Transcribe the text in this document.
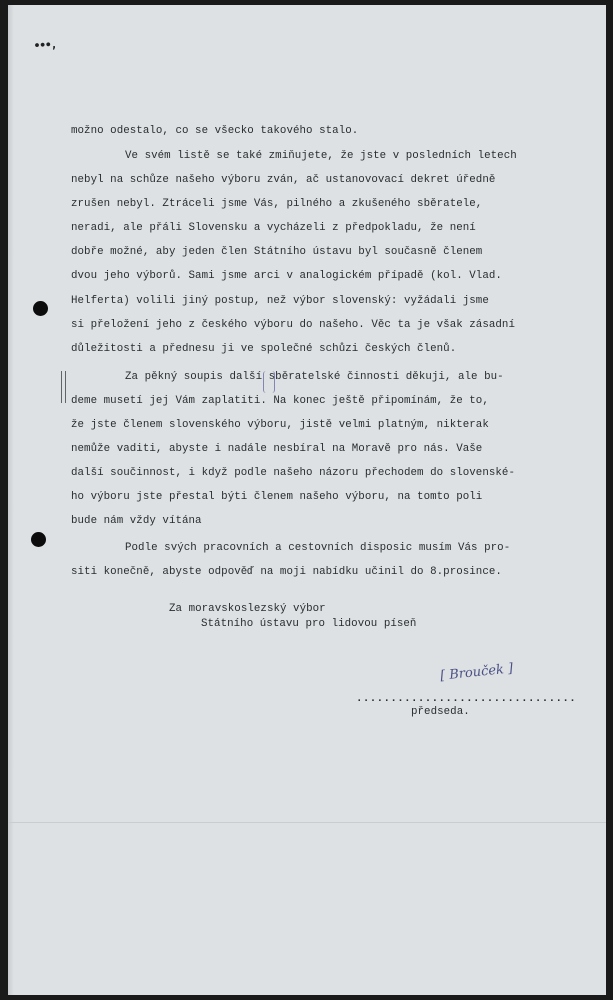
•••,
možno odestalo, co se všecko takového stalo.
Ve svém listě se také zmiňujete, že jste v posledních letech
nebyl na schůze našeho výboru zván, ač ustanovovací dekret úředně
zrušen nebyl. Ztráceli jsme Vás, pilného a zkušeného sběratele,
neradi, ale přáli Slovensku a vycházeli z předpokladu, že není
dobře možné, aby jeden člen Státního ústavu byl současně členem
dvou jeho výborů. Sami jsme arci v analogickém případě (kol. Vlad.
Helferta) volili jiný postup, než výbor slovenský: vyžádali jsme
si přeložení jeho z českého výboru do našeho. Věc ta je však zásadní
důležitosti a přednesu ji ve společné schůzi českých členů.
Za pěkný soupis další sběratelské činnosti děkuji, ale bu-
deme musetí jej Vám zaplatiti. Na konec ještě připomínám, že to,
že jste členem slovenského výboru, jistě velmi platným, nikterak
nemůže vaditi, abyste i nadále nesbíral na Moravě pro nás. Vaše
další součinnost, i když podle našeho názoru přechodem do slovenské-
ho výboru jste přestal býti členem našeho výboru, na tomto poli
bude nám vždy vítána
Podle svých pracovních a cestovních disposic musím Vás pro-
siti konečně, abyste odpověď na moji nabídku učinil do 8.prosince.
Za moravskoslezský výbor
Státního ústavu pro lidovou píseň
[ Brouček ]
................................
předseda.
